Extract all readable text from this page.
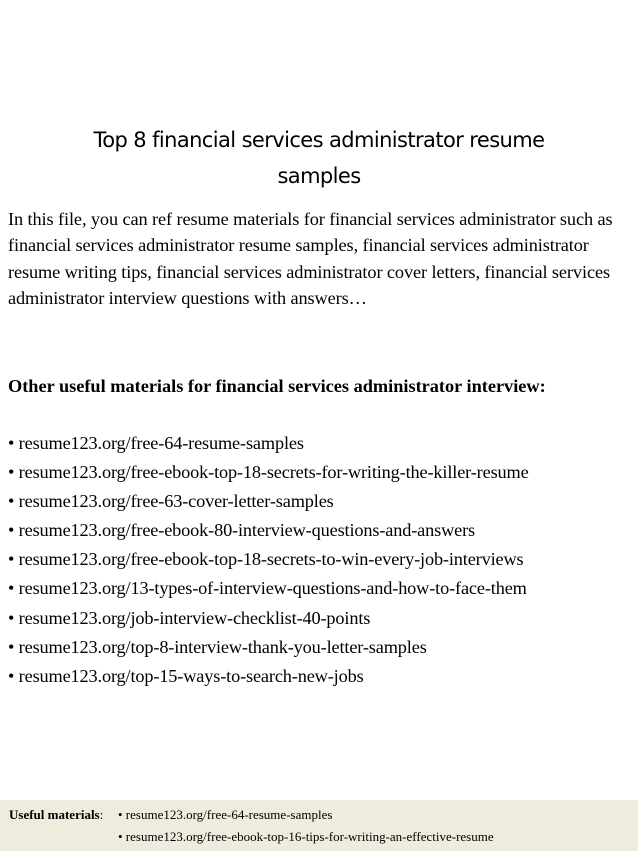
Top 8 financial services administrator resume
samples

In this file, you can ref resume materials for financial services administrator such as financial services administrator resume samples, financial services administrator resume writing tips, financial services administrator cover letters, financial services administrator interview questions with answers…

Other useful materials for financial services administrator interview:

• resume123.org/free-64-resume-samples
• resume123.org/free-ebook-top-18-secrets-for-writing-the-killer-resume
• resume123.org/free-63-cover-letter-samples
• resume123.org/free-ebook-80-interview-questions-and-answers
• resume123.org/free-ebook-top-18-secrets-to-win-every-job-interviews
• resume123.org/13-types-of-interview-questions-and-how-to-face-them
• resume123.org/job-interview-checklist-40-points
• resume123.org/top-8-interview-thank-you-letter-samples
• resume123.org/top-15-ways-to-search-new-jobs
Useful materials: • resume123.org/free-64-resume-samples
• resume123.org/free-ebook-top-16-tips-for-writing-an-effective-resume
